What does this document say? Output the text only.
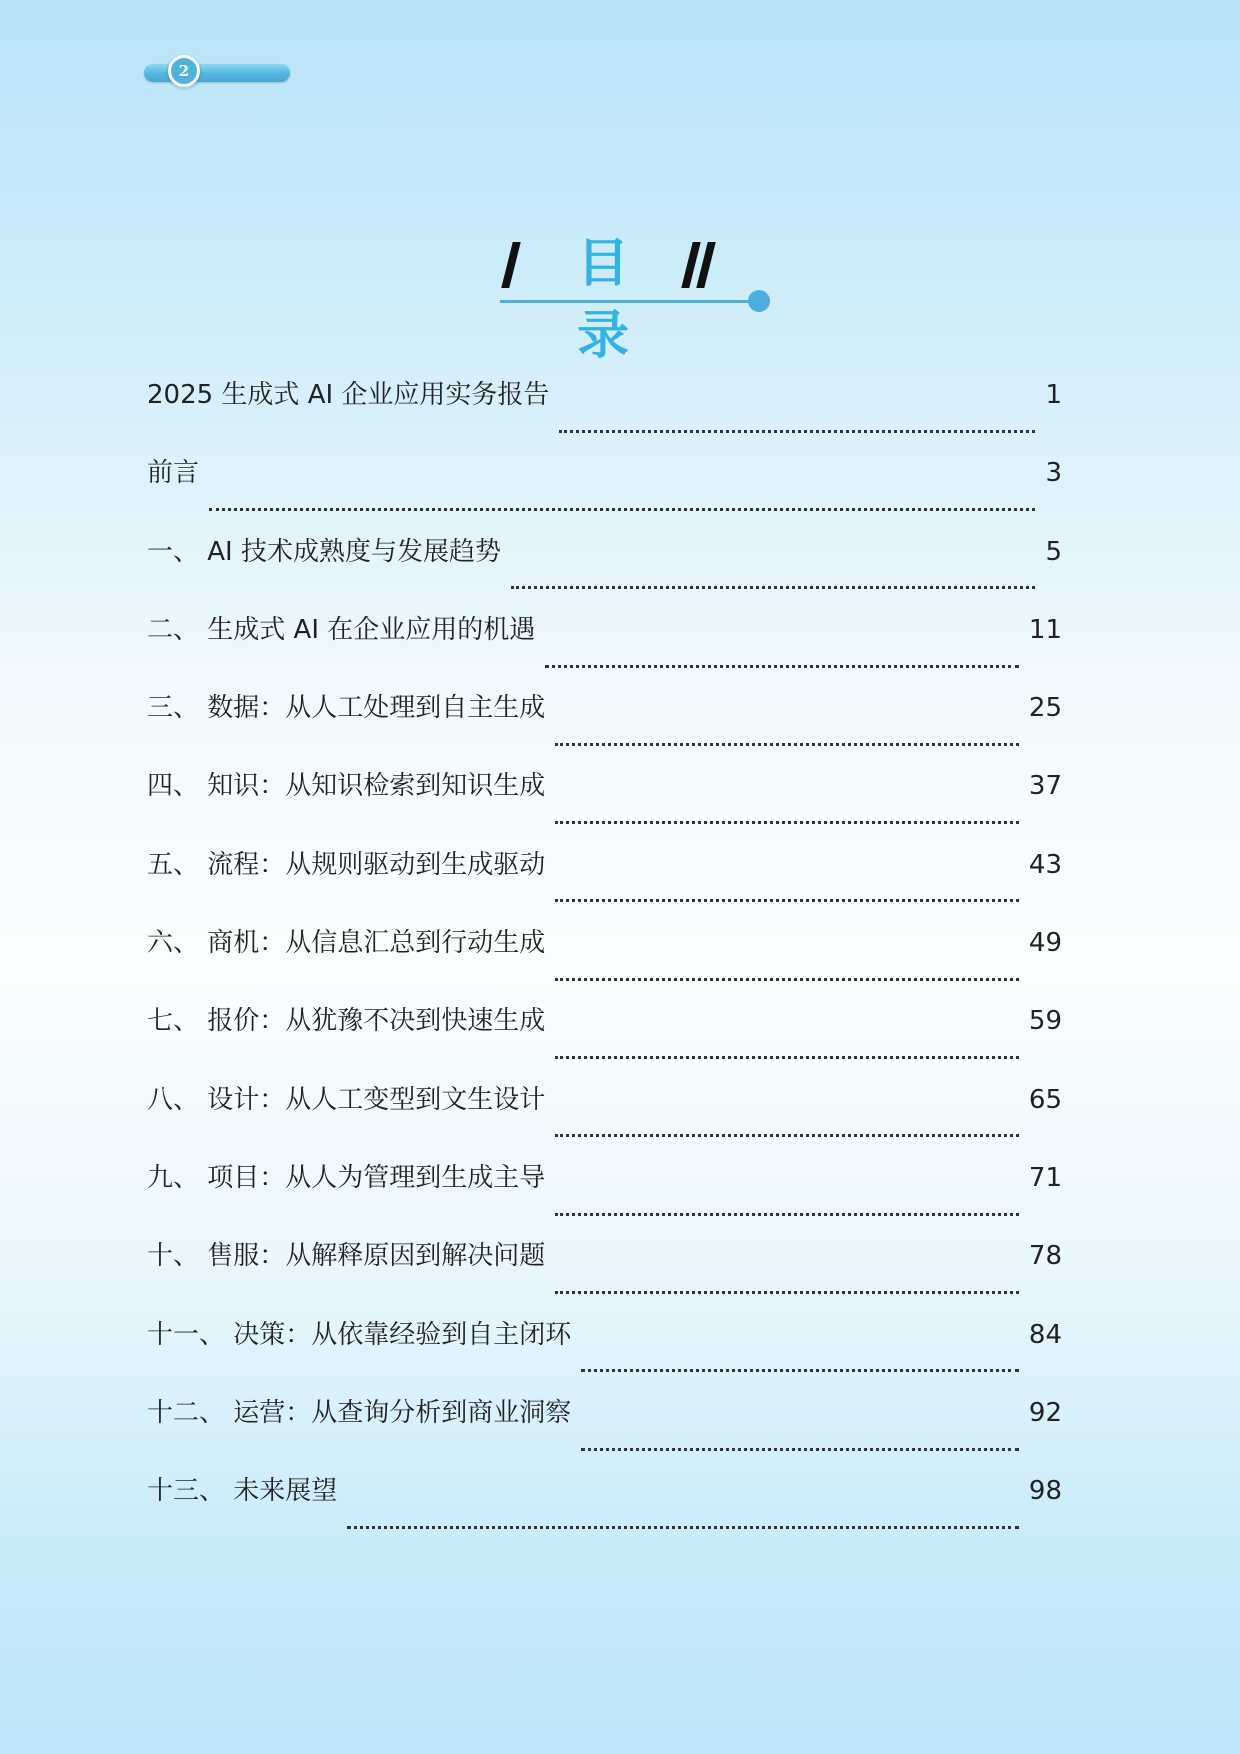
2
目录
2025 生成式 AI 企业应用实务报告	1
前言	3
一、 AI 技术成熟度与发展趋势	5
二、 生成式 AI 在企业应用的机遇	11
三、 数据：从人工处理到自主生成	25
四、 知识：从知识检索到知识生成	37
五、 流程：从规则驱动到生成驱动	43
六、 商机：从信息汇总到行动生成	49
七、 报价：从犹豫不决到快速生成	59
八、 设计：从人工变型到文生设计	65
九、 项目：从人为管理到生成主导	71
十、 售服：从解释原因到解决问题	78
十一、 决策：从依靠经验到自主闭环	84
十二、 运营：从查询分析到商业洞察	92
十三、 未来展望	98
